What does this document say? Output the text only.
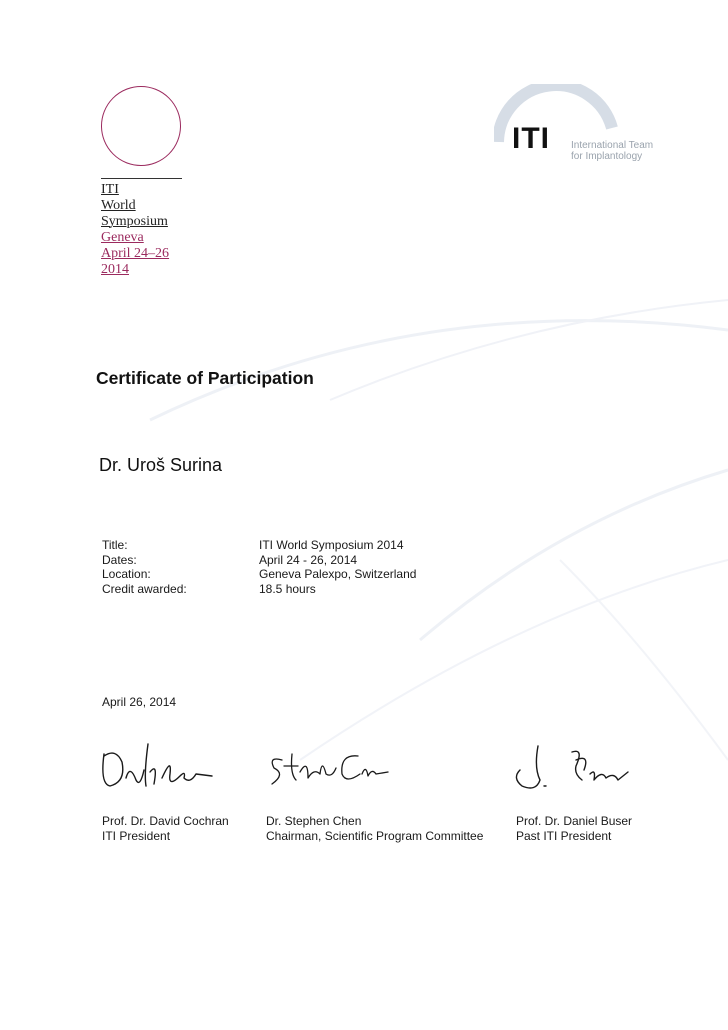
ITI
World
Symposium
Geneva
April 24–26
2014
ITI International Team
for Implantology
Certificate of Participation
Dr. Uroš Surina
Title:	ITI World Symposium 2014
Dates:	April 24 - 26, 2014
Location:	Geneva Palexpo, Switzerland
Credit awarded:	18.5 hours
April 26, 2014
Prof. Dr. David Cochran
ITI President
Dr. Stephen Chen
Chairman, Scientific Program Committee
Prof. Dr. Daniel Buser
Past ITI President
